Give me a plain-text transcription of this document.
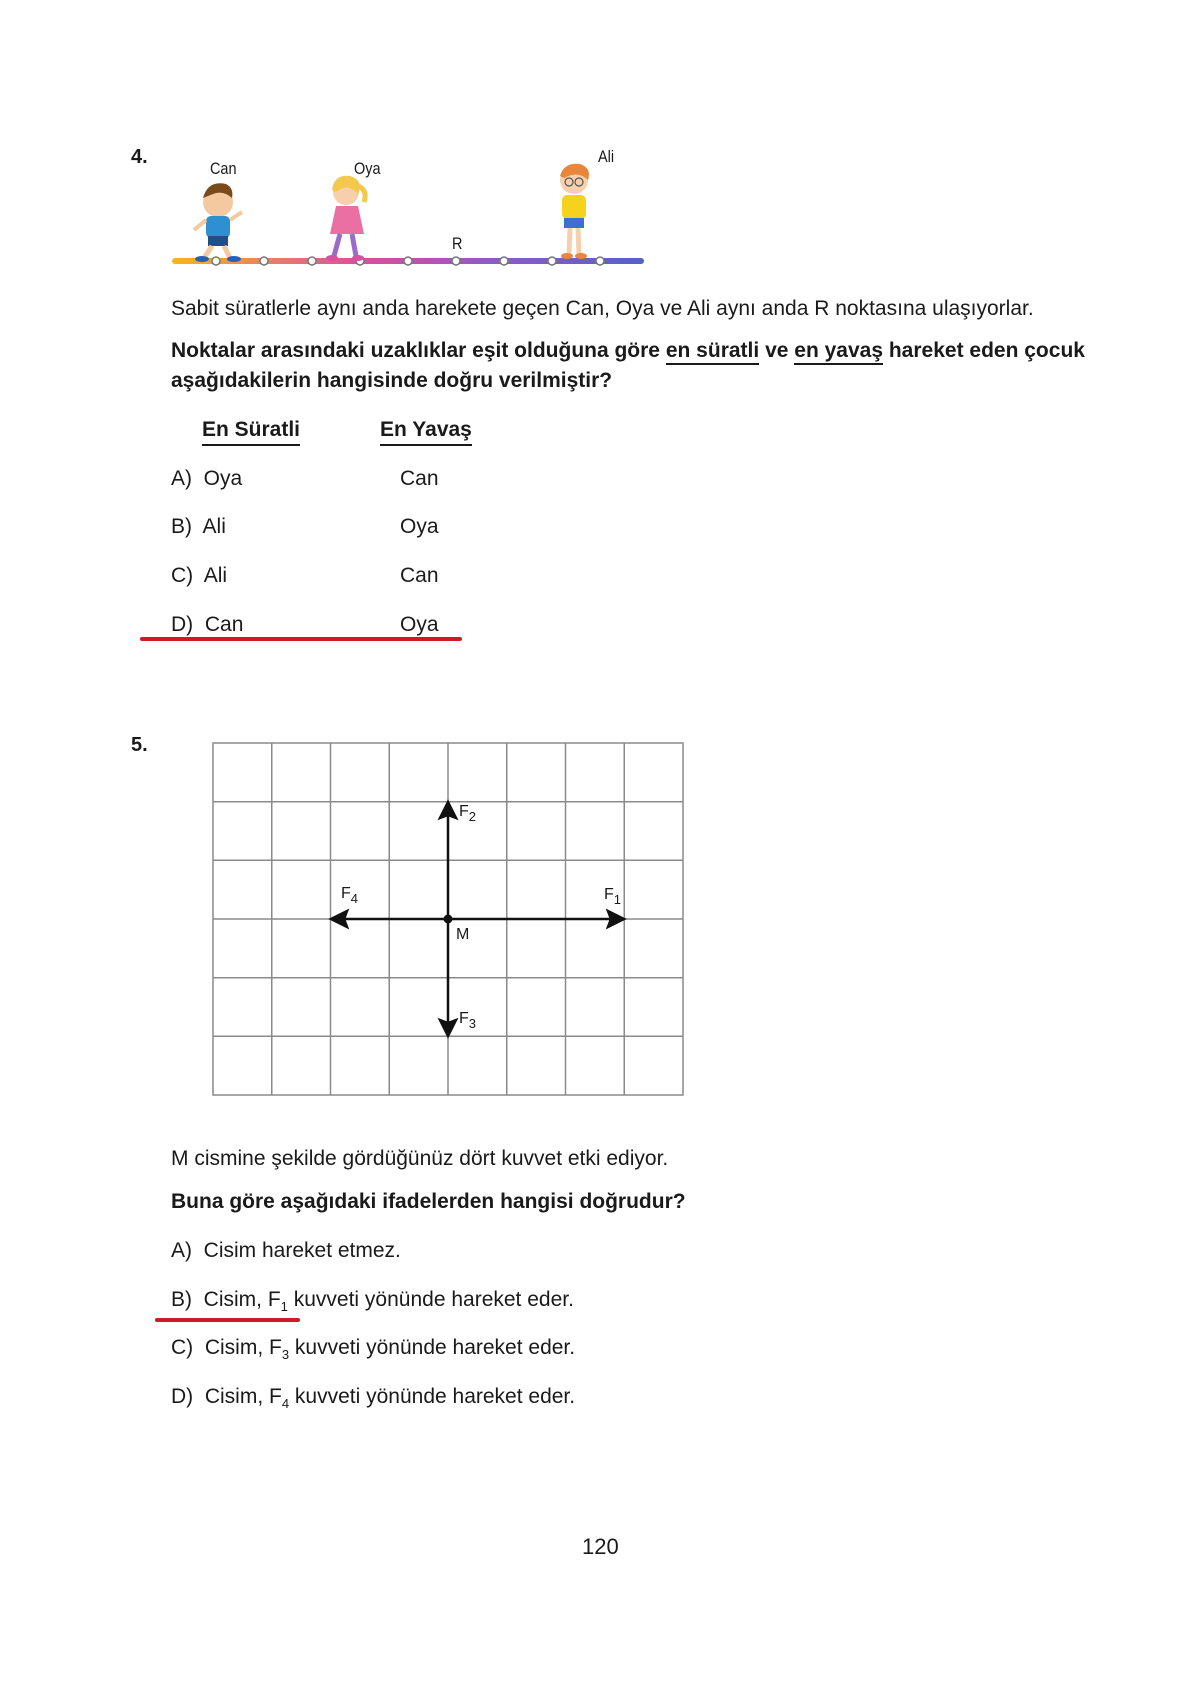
4.
Can	Oya
Ali
R
Sabit süratlerle aynı anda harekete geçen Can, Oya ve Ali aynı anda R noktasına ulaşıyorlar.
Noktalar arasındaki uzaklıklar eşit olduğuna göre en süratli ve en yavaş hareket eden çocuk
aşağıdakilerin hangisinde doğru verilmiştir?
En Süratli	En Yavaş
A) Oya	Can
B) Ali	Oya
C) Ali	Can
D) Can	Oya
5.
$F_2$
$F_4$	$F_1$
M
$F_3$
M cismine şekilde gördüğünüz dört kuvvet etki ediyor.
Buna göre aşağıdaki ifadelerden hangisi doğrudur?
A) Cisim hareket etmez.
B) Cisim, $F_1$ kuvveti yönünde hareket eder.
C) Cisim, $F_3$ kuvveti yönünde hareket eder.
D) Cisim, $F_4$ kuvveti yönünde hareket eder.
120
